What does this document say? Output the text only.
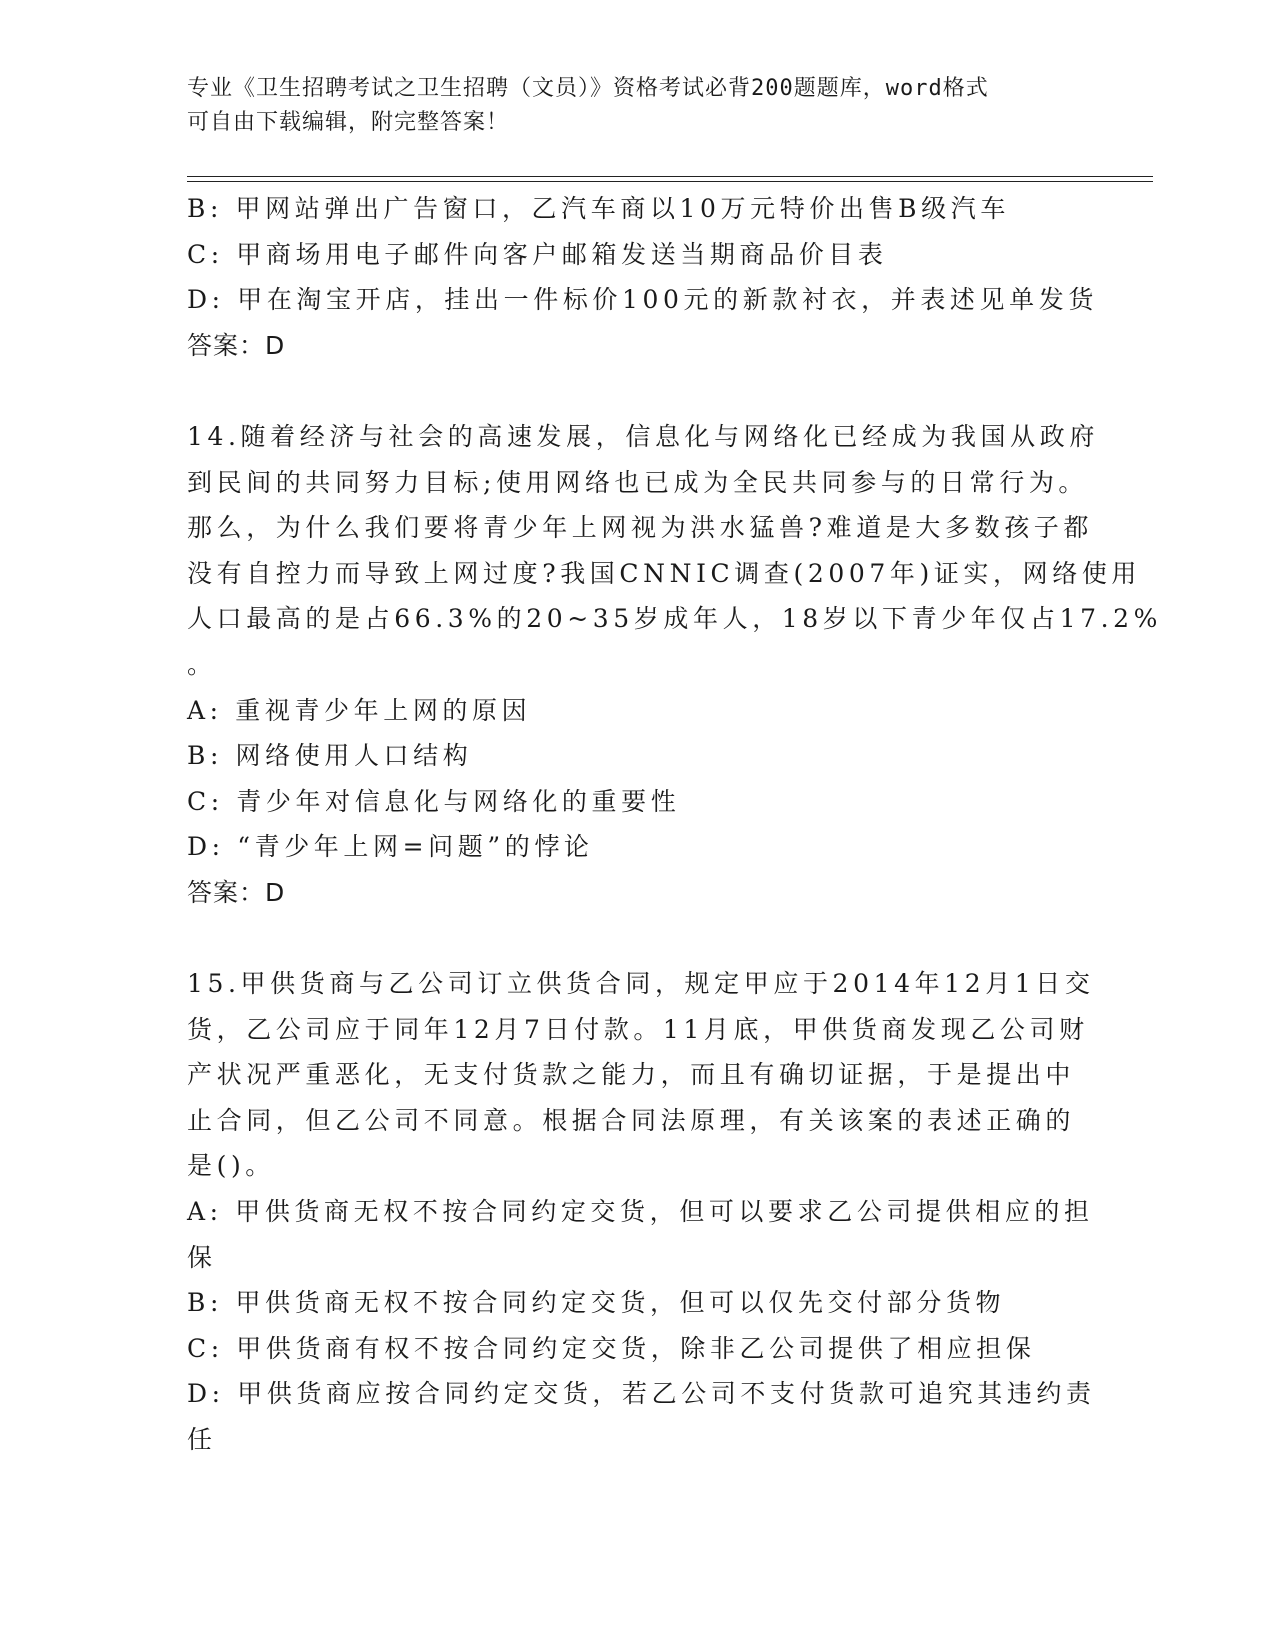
专业《卫生招聘考试之卫生招聘（文员）》资格考试必背200题题库，word格式
可自由下载编辑，附完整答案！

B: 甲网站弹出广告窗口，乙汽车商以10万元特价出售B级汽车

C: 甲商场用电子邮件向客户邮箱发送当期商品价目表

D: 甲在淘宝开店，挂出一件标价100元的新款衬衣，并表述见单发货

答案：D

14.随着经济与社会的高速发展，信息化与网络化已经成为我国从政府

到民间的共同努力目标;使用网络也已成为全民共同参与的日常行为。

那么，为什么我们要将青少年上网视为洪水猛兽?难道是大多数孩子都

没有自控力而导致上网过度?我国CNNIC调查(2007年)证实，网络使用

人口最高的是占66.3%的20~35岁成年人，18岁以下青少年仅占17.2%

。

A: 重视青少年上网的原因

B: 网络使用人口结构

C: 青少年对信息化与网络化的重要性

D: “青少年上网=问题”的悖论

答案：D

15.甲供货商与乙公司订立供货合同，规定甲应于2014年12月1日交

货，乙公司应于同年12月7日付款。11月底，甲供货商发现乙公司财

产状况严重恶化，无支付货款之能力，而且有确切证据，于是提出中

止合同，但乙公司不同意。根据合同法原理，有关该案的表述正确的

是()。

A: 甲供货商无权不按合同约定交货，但可以要求乙公司提供相应的担

保

B: 甲供货商无权不按合同约定交货，但可以仅先交付部分货物

C: 甲供货商有权不按合同约定交货，除非乙公司提供了相应担保

D: 甲供货商应按合同约定交货，若乙公司不支付货款可追究其违约责

任
